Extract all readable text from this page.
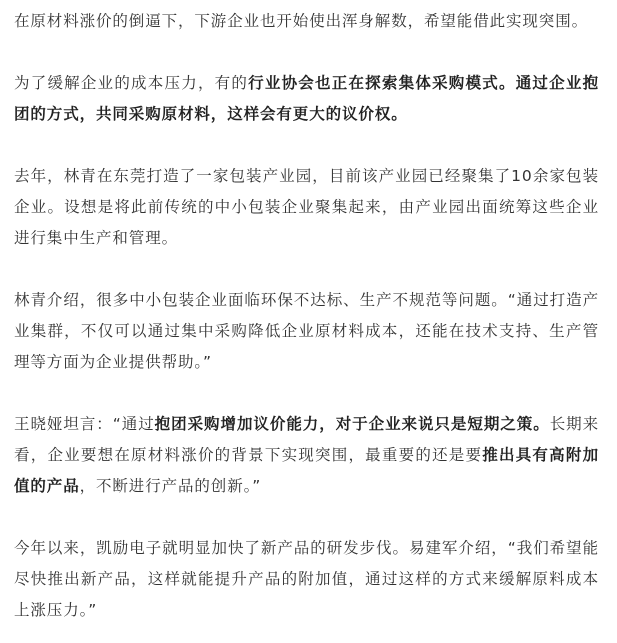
在原材料涨价的倒逼下，下游企业也开始使出浑身解数，希望能借此实现突围。

为了缓解企业的成本压力，有的行业协会也正在探索集体采购模式。通过企业抱团的方式，共同采购原材料，这样会有更大的议价权。

去年，林青在东莞打造了一家包装产业园，目前该产业园已经聚集了10余家包装企业。设想是将此前传统的中小包装企业聚集起来，由产业园出面统筹这些企业进行集中生产和管理。

林青介绍，很多中小包装企业面临环保不达标、生产不规范等问题。“通过打造产业集群，不仅可以通过集中采购降低企业原材料成本，还能在技术支持、生产管理等方面为企业提供帮助。”

王晓娅坦言：“通过抱团采购增加议价能力，对于企业来说只是短期之策。长期来看，企业要想在原材料涨价的背景下实现突围，最重要的还是要推出具有高附加值的产品，不断进行产品的创新。”

今年以来，凯励电子就明显加快了新产品的研发步伐。易建军介绍，“我们希望能尽快推出新产品，这样就能提升产品的附加值，通过这样的方式来缓解原料成本上涨压力。”
